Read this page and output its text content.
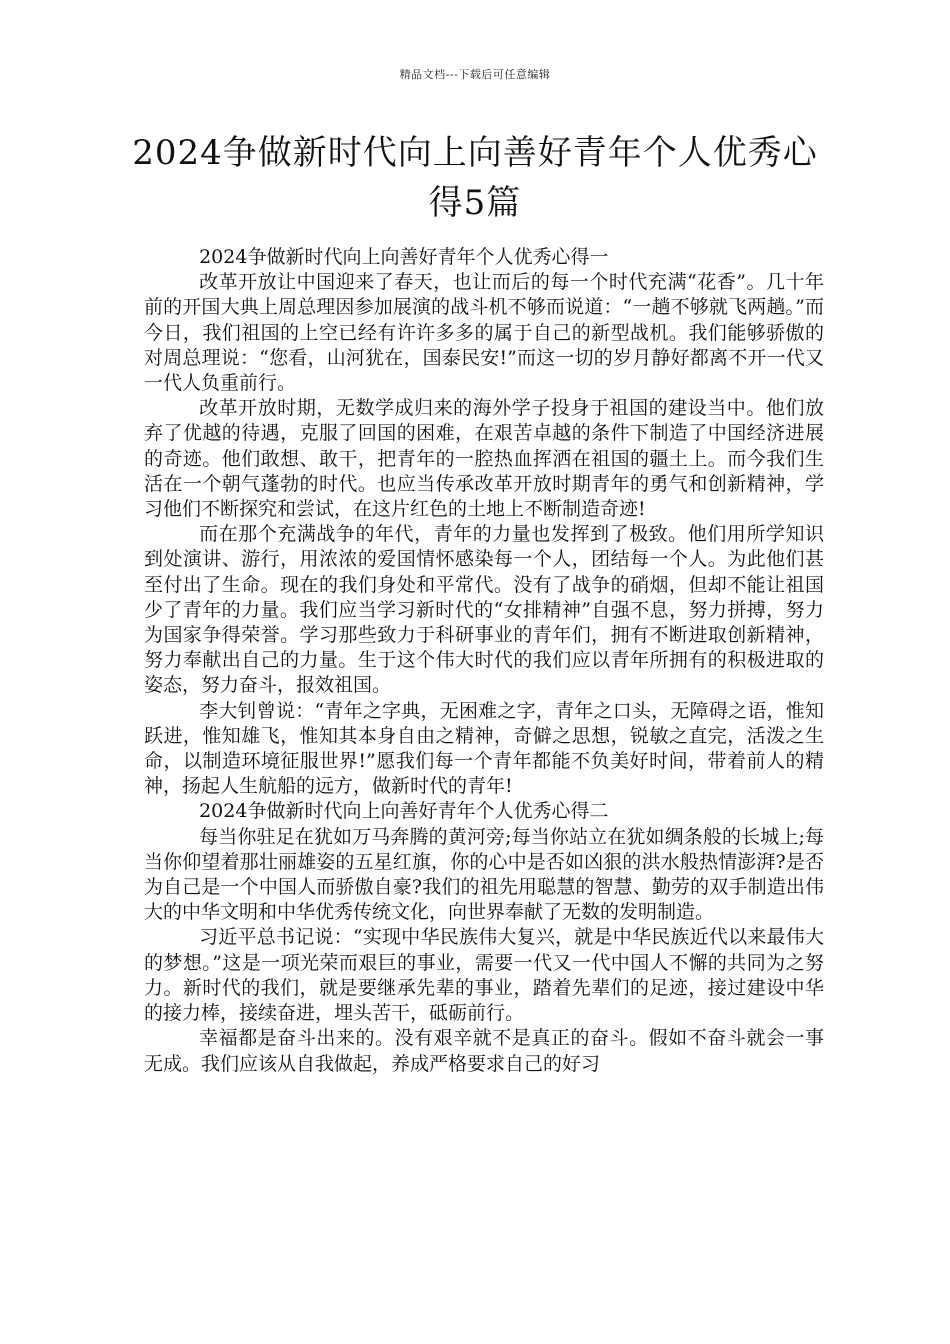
精品文档---下载后可任意编辑
2024争做新时代向上向善好青年个人优秀心得5篇

2024争做新时代向上向善好青年个人优秀心得一

改革开放让中国迎来了春天，也让而后的每一个时代充满“花香”。几十年前的开国大典上周总理因参加展演的战斗机不够而说道：“一趟不够就飞两趟。”而今日，我们祖国的上空已经有许许多多的属于自己的新型战机。我们能够骄傲的对周总理说：“您看，山河犹在，国泰民安!”而这一切的岁月静好都离不开一代又一代人负重前行。

改革开放时期，无数学成归来的海外学子投身于祖国的建设当中。他们放弃了优越的待遇，克服了回国的困难，在艰苦卓越的条件下制造了中国经济进展的奇迹。他们敢想、敢干，把青年的一腔热血挥洒在祖国的疆土上。而今我们生活在一个朝气蓬勃的时代。也应当传承改革开放时期青年的勇气和创新精神，学习他们不断探究和尝试，在这片红色的土地上不断制造奇迹!

而在那个充满战争的年代，青年的力量也发挥到了极致。他们用所学知识到处演讲、游行，用浓浓的爱国情怀感染每一个人，团结每一个人。为此他们甚至付出了生命。现在的我们身处和平常代。没有了战争的硝烟，但却不能让祖国少了青年的力量。我们应当学习新时代的“女排精神”自强不息，努力拼搏，努力为国家争得荣誉。学习那些致力于科研事业的青年们，拥有不断进取创新精神，努力奉献出自己的力量。生于这个伟大时代的我们应以青年所拥有的积极进取的姿态，努力奋斗，报效祖国。

李大钊曾说：“青年之字典，无困难之字，青年之口头，无障碍之语，惟知跃进，惟知雄飞，惟知其本身自由之精神，奇僻之思想，锐敏之直完，活泼之生命，以制造环境征服世界!”愿我们每一个青年都能不负美好时间，带着前人的精神，扬起人生航船的远方，做新时代的青年!

2024争做新时代向上向善好青年个人优秀心得二

每当你驻足在犹如万马奔腾的黄河旁;每当你站立在犹如绸条般的长城上;每当你仰望着那壮丽雄姿的五星红旗，你的心中是否如凶狠的洪水般热情澎湃?是否为自己是一个中国人而骄傲自豪?我们的祖先用聪慧的智慧、勤劳的双手制造出伟大的中华文明和中华优秀传统文化，向世界奉献了无数的发明制造。

习近平总书记说：“实现中华民族伟大复兴，就是中华民族近代以来最伟大的梦想。”这是一项光荣而艰巨的事业，需要一代又一代中国人不懈的共同为之努力。新时代的我们，就是要继承先辈的事业，踏着先辈们的足迹，接过建设中华的接力棒，接续奋进，埋头苦干，砥砺前行。

幸福都是奋斗出来的。没有艰辛就不是真正的奋斗。假如不奋斗就会一事无成。我们应该从自我做起，养成严格要求自己的好习
